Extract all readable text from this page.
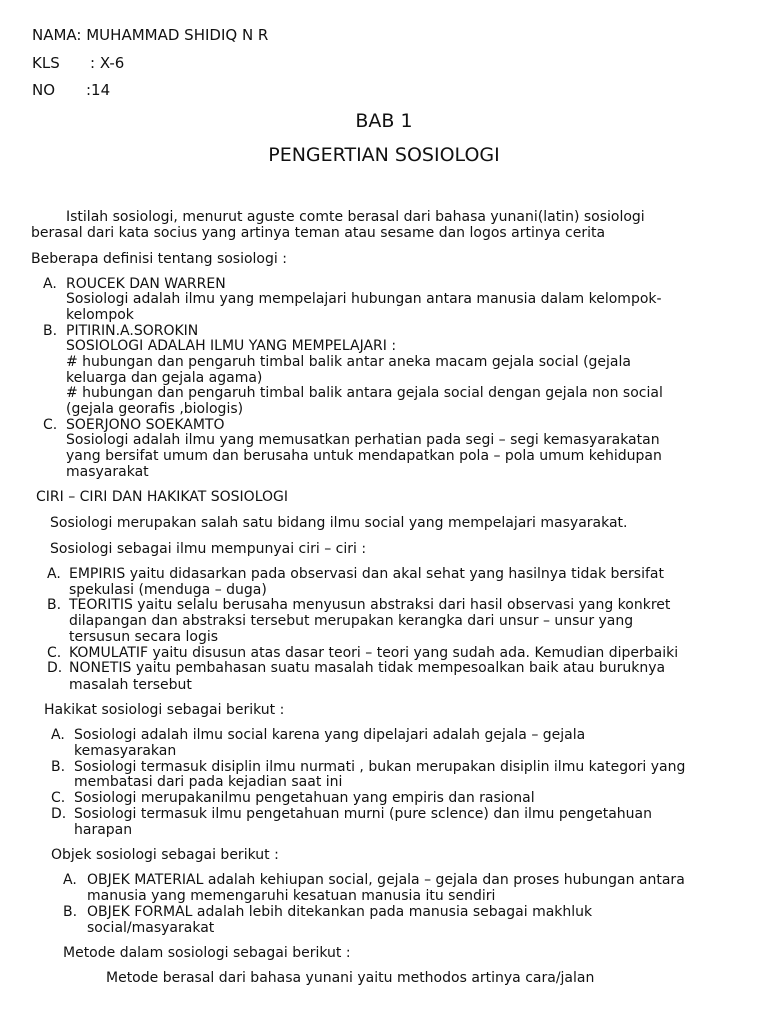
NAMA: MUHAMMAD SHIDIQ N R
KLS : X-6
NO :14
BAB 1
PENGERTIAN SOSIOLOGI
Istilah sosiologi, menurut aguste comte berasal dari bahasa yunani(latin) sosiologi
berasal dari kata socius yang artinya teman atau sesame dan logos artinya cerita
Beberapa definisi tentang sosiologi :
A. ROUCEK DAN WARREN
Sosiologi adalah ilmu yang mempelajari hubungan antara manusia dalam kelompok-
kelompok
B. PITIRIN.A.SOROKIN
SOSIOLOGI ADALAH ILMU YANG MEMPELAJARI :
# hubungan dan pengaruh timbal balik antar aneka macam gejala social (gejala
keluarga dan gejala agama)
# hubungan dan pengaruh timbal balik antara gejala social dengan gejala non social
(gejala georafis ,biologis)
C. SOERJONO SOEKAMTO
Sosiologi adalah ilmu yang memusatkan perhatian pada segi – segi kemasyarakatan
yang bersifat umum dan berusaha untuk mendapatkan pola – pola umum kehidupan
masyarakat
CIRI – CIRI DAN HAKIKAT SOSIOLOGI
Sosiologi merupakan salah satu bidang ilmu social yang mempelajari masyarakat.
Sosiologi sebagai ilmu mempunyai ciri – ciri :
A. EMPIRIS yaitu didasarkan pada observasi dan akal sehat yang hasilnya tidak bersifat
spekulasi (menduga – duga)
B. TEORITIS yaitu selalu berusaha menyusun abstraksi dari hasil observasi yang konkret
dilapangan dan abstraksi tersebut merupakan kerangka dari unsur – unsur yang
tersusun secara logis
C. KOMULATIF yaitu disusun atas dasar teori – teori yang sudah ada. Kemudian diperbaiki
D. NONETIS yaitu pembahasan suatu masalah tidak mempesoalkan baik atau buruknya
masalah tersebut
Hakikat sosiologi sebagai berikut :
A. Sosiologi adalah ilmu social karena yang dipelajari adalah gejala – gejala
kemasyarakan
B. Sosiologi termasuk disiplin ilmu nurmati , bukan merupakan disiplin ilmu kategori yang
membatasi dari pada kejadian saat ini
C. Sosiologi merupakanilmu pengetahuan yang empiris dan rasional
D. Sosiologi termasuk ilmu pengetahuan murni (pure sclence) dan ilmu pengetahuan
harapan
Objek sosiologi sebagai berikut :
A. OBJEK MATERIAL adalah kehiupan social, gejala – gejala dan proses hubungan antara
manusia yang memengaruhi kesatuan manusia itu sendiri
B. OBJEK FORMAL adalah lebih ditekankan pada manusia sebagai makhluk
social/masyarakat
Metode dalam sosiologi sebagai berikut :
Metode berasal dari bahasa yunani yaitu methodos artinya cara/jalan
